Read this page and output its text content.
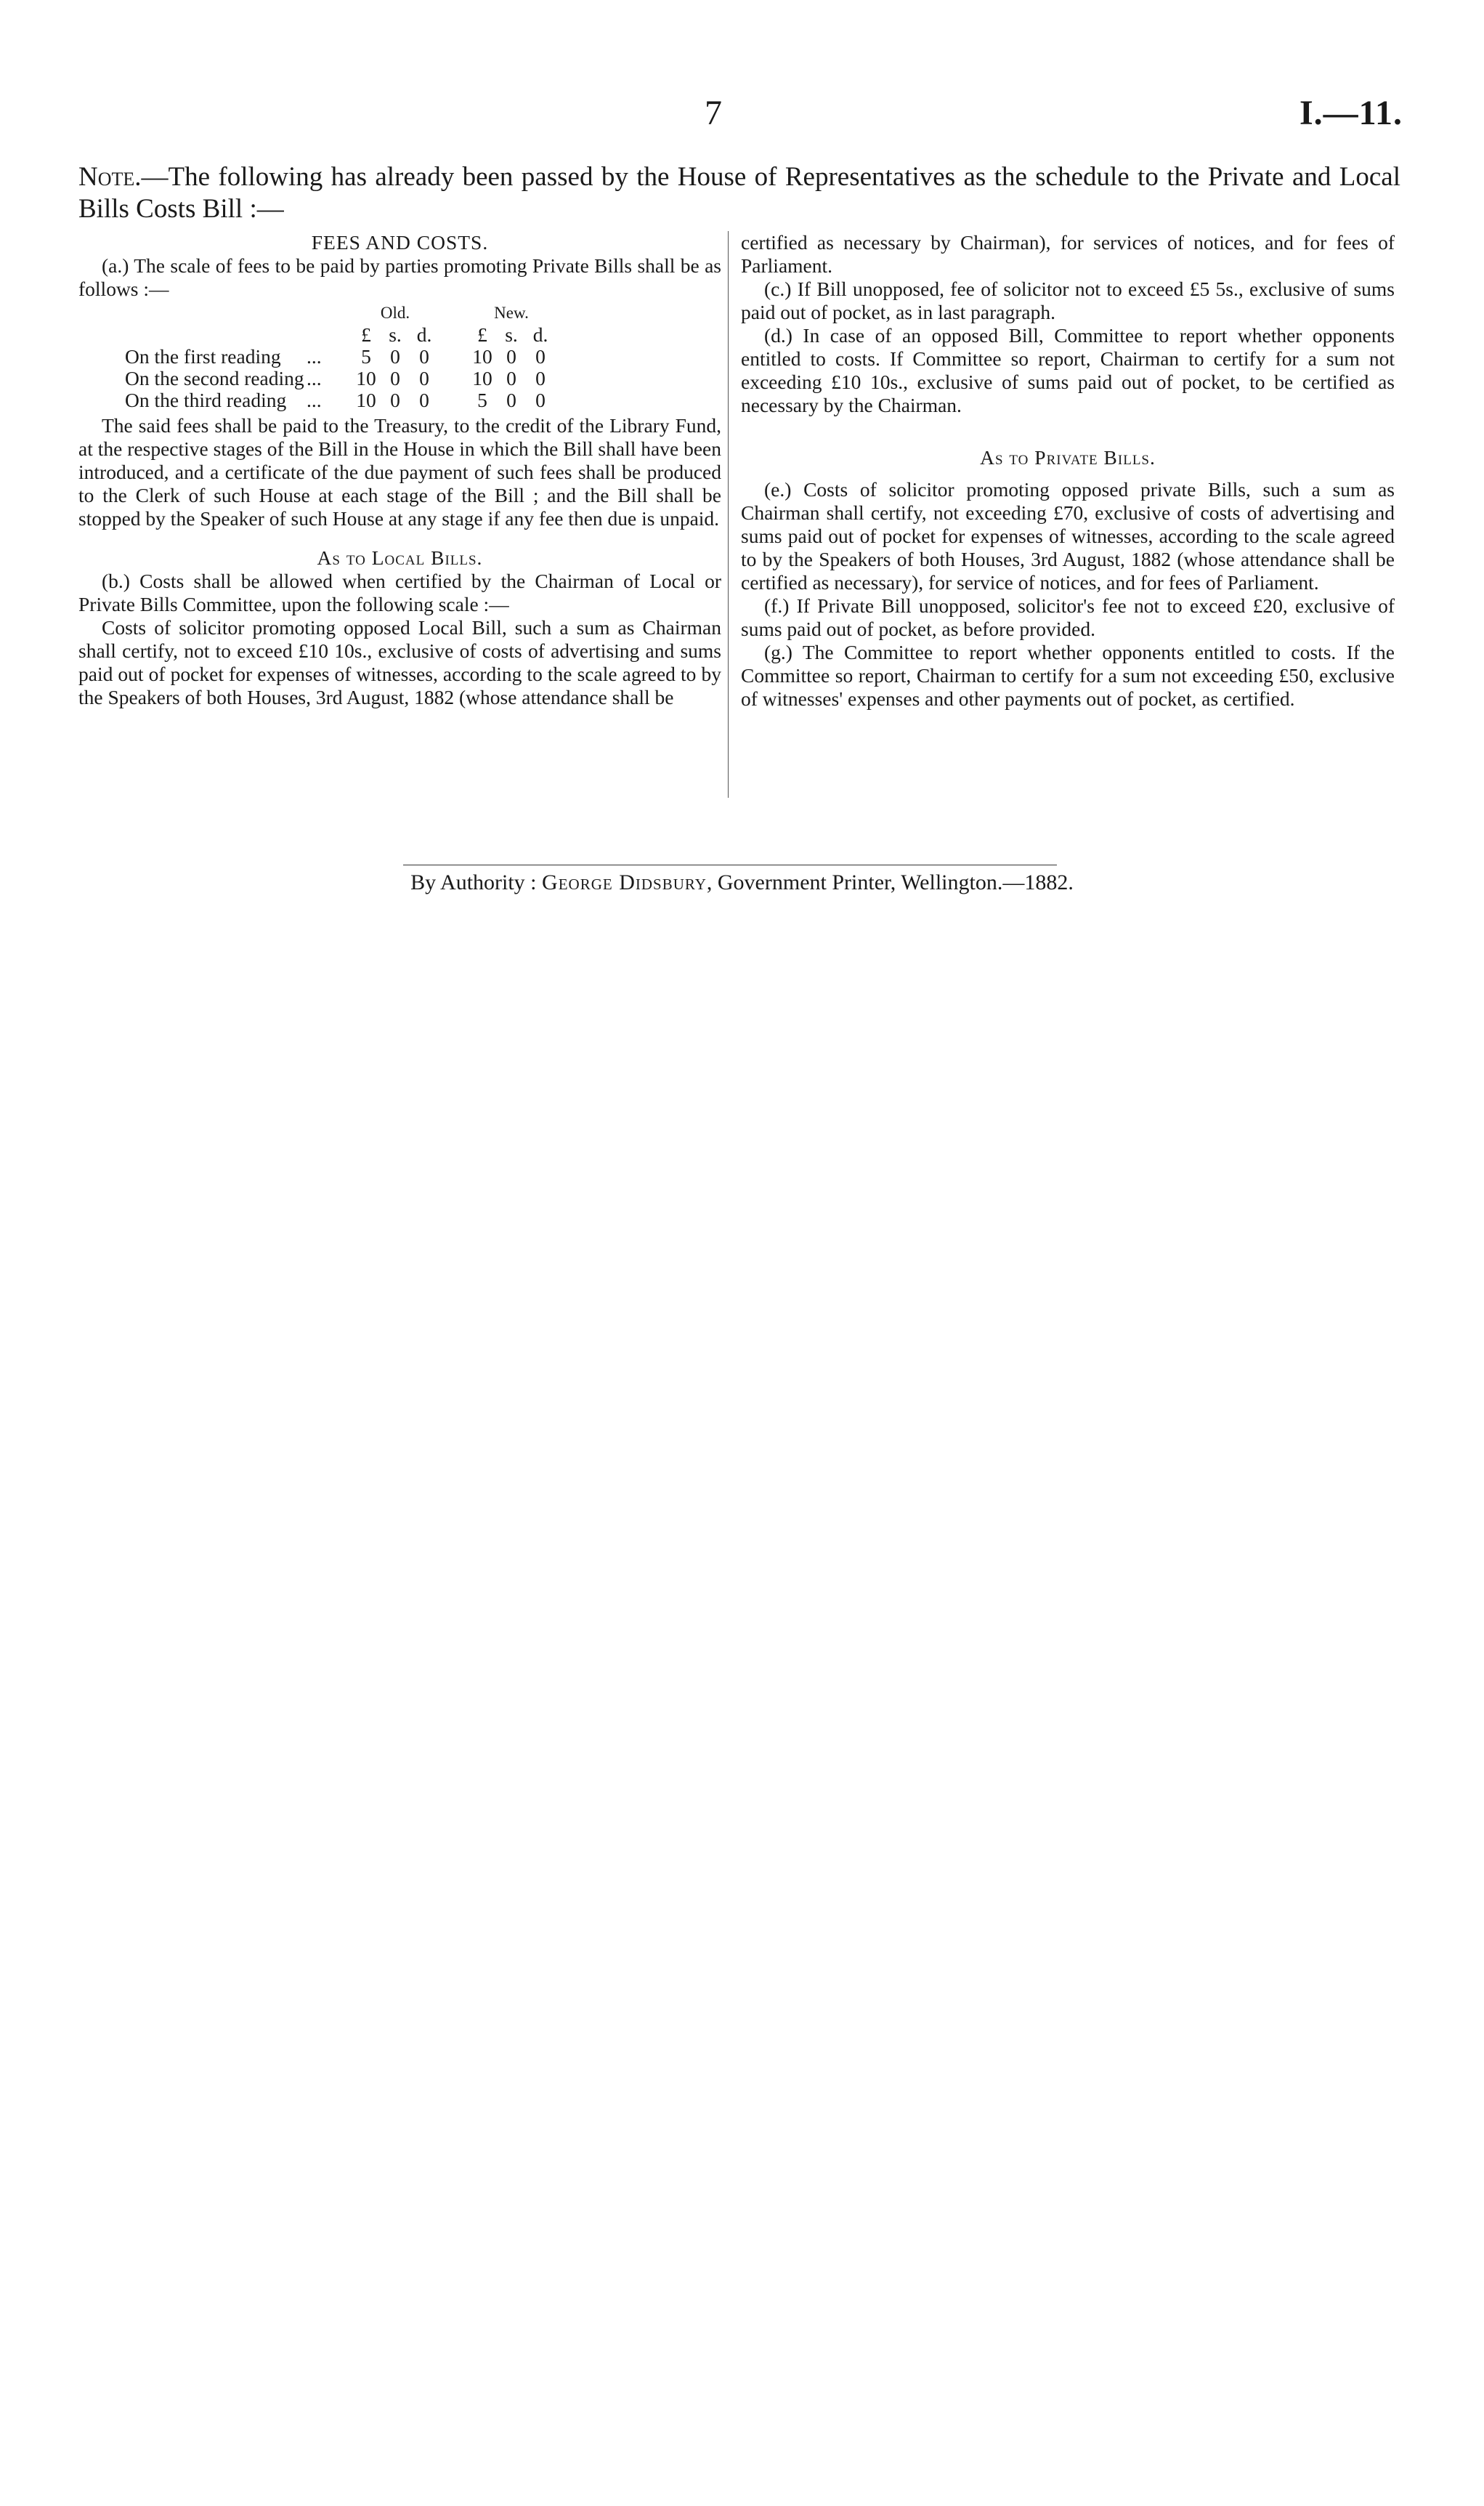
7	I.—11.
Note.—The following has already been passed by the House of Representatives as the schedule to the Private and Local Bills Costs Bill :—

FEES AND COSTS.

(a.) The scale of fees to be paid by parties promoting Private Bills shall be as follows :—

		Old.				New.		
		£	s.	d.		£	s.	d.
On the first reading	...	5	0	0		10	0	0
On the second reading	...	10	0	0		10	0	0
On the third reading	...	10	0	0		5	0	0

The said fees shall be paid to the Treasury, to the credit of the Library Fund, at the respective stages of the Bill in the House in which the Bill shall have been introduced, and a certificate of the due payment of such fees shall be produced to the Clerk of such House at each stage of the Bill ; and the Bill shall be stopped by the Speaker of such House at any stage if any fee then due is unpaid.

As to Local Bills.

(b.) Costs shall be allowed when certified by the Chairman of Local or Private Bills Committee, upon the following scale :—

Costs of solicitor promoting opposed Local Bill, such a sum as Chairman shall certify, not to exceed £10 10s., exclusive of costs of advertising and sums paid out of pocket for expenses of witnesses, according to the scale agreed to by the Speakers of both Houses, 3rd August, 1882 (whose attendance shall be

certified as necessary by Chairman), for services of notices, and for fees of Parliament.

(c.) If Bill unopposed, fee of solicitor not to exceed £5 5s., exclusive of sums paid out of pocket, as in last paragraph.

(d.) In case of an opposed Bill, Committee to report whether opponents entitled to costs. If Committee so report, Chairman to certify for a sum not exceeding £10 10s., exclusive of sums paid out of pocket, to be certified as necessary by the Chairman.

As to Private Bills.

(e.) Costs of solicitor promoting opposed private Bills, such a sum as Chairman shall certify, not exceeding £70, exclusive of costs of advertising and sums paid out of pocket for expenses of witnesses, according to the scale agreed to by the Speakers of both Houses, 3rd August, 1882 (whose attendance shall be certified as necessary), for service of notices, and for fees of Parliament.

(f.) If Private Bill unopposed, solicitor's fee not to exceed £20, exclusive of sums paid out of pocket, as before provided.

(g.) The Committee to report whether opponents entitled to costs. If the Committee so report, Chairman to certify for a sum not exceeding £50, exclusive of witnesses' expenses and other payments out of pocket, as certified.

By Authority : George Didsbury, Government Printer, Wellington.—1882.
